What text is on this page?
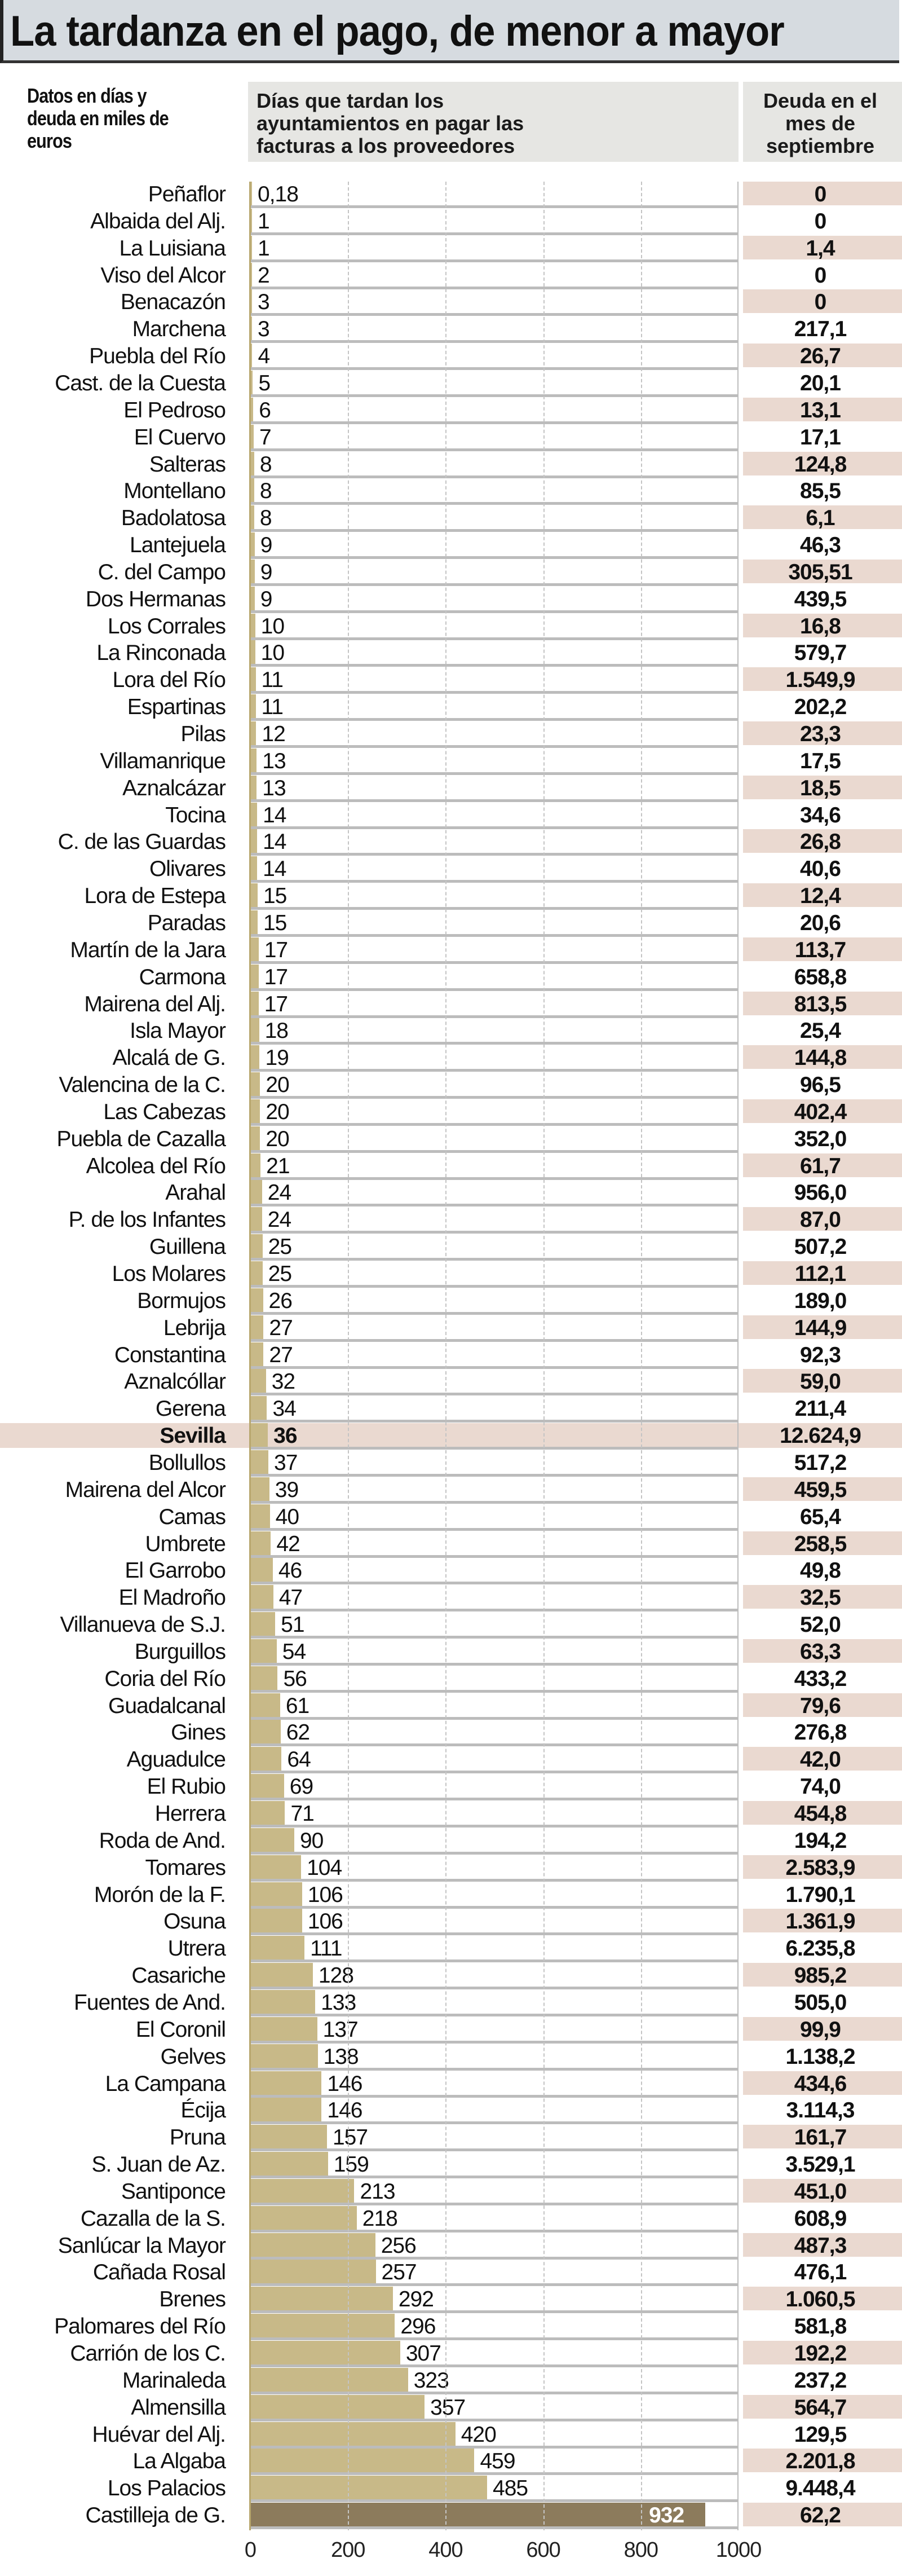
La tardanza en el pago, de menor a mayor
Datos en días y deuda en miles de euros
Días que tardan los ayuntamientos en pagar las facturas a los proveedores
Deuda en el mes de septiembre
Peñaflor 0,18	0
Albaida del Alj. 1	0
La Luisiana 1	1,4
Viso del Alcor 2	0
Benacazón 3	0
Marchena 3	217,1
Puebla del Río 4	26,7
Cast. de la Cuesta 5	20,1
El Pedroso 6	13,1
El Cuervo 7	17,1
Salteras 8	124,8
Montellano 8	85,5
Badolatosa 8	6,1
Lantejuela 9	46,3
C. del Campo 9	305,51
Dos Hermanas 9	439,5
Los Corrales 10	16,8
La Rinconada 10	579,7
Lora del Río 11	1.549,9
Espartinas 11	202,2
Pilas 12	23,3
Villamanrique 13	17,5
Aznalcázar 13	18,5
Tocina 14	34,6
C. de las Guardas 14	26,8
Olivares 14	40,6
Lora de Estepa 15	12,4
Paradas 15	20,6
Martín de la Jara 17	113,7
Carmona 17	658,8
Mairena del Alj. 17	813,5
Isla Mayor 18	25,4
Alcalá de G. 19	144,8
Valencina de la C. 20	96,5
Las Cabezas 20	402,4
Puebla de Cazalla 20	352,0
Alcolea del Río 21	61,7
Arahal 24	956,0
P. de los Infantes 24	87,0
Guillena 25	507,2
Los Molares 25	112,1
Bormujos 26	189,0
Lebrija 27	144,9
Constantina 27	92,3
Aznalcóllar 32	59,0
Gerena 34	211,4
Sevilla 36	12.624,9
Bollullos 37	517,2
Mairena del Alcor 39	459,5
Camas 40	65,4
Umbrete 42	258,5
El Garrobo 46	49,8
El Madroño 47	32,5
Villanueva de S.J.	51	52,0
Burguillos	54	63,3
Coria del Río	56	433,2
Guadalcanal	61	79,6
Gines	62	276,8
Aguadulce	64	42,0
El Rubio	69	74,0
Herrera	71	454,8
Roda de And.	90	194,2
Tomares	104	2.583,9
Morón de la F.	106	1.790,1
Osuna	106	1.361,9
Utrera	111	6.235,8
Casariche	128	985,2
Fuentes de And.	133	505,0
El Coronil	137	99,9
Gelves	138	1.138,2
La Campana	146	434,6
Écija	146	3.114,3
Pruna	157	161,7
S. Juan de Az.	159	3.529,1
Santiponce	213	451,0
Cazalla de la S.	218	608,9
Sanlúcar la Mayor	256	487,3
Cañada Rosal	257	476,1
Brenes	292	1.060,5
Palomares del Río	296	581,8
Carrión de los C.	307	192,2
Marinaleda	323	237,2
Almensilla	357	564,7
Huévar del Alj.	420	129,5
La Algaba	459	2.201,8
Los Palacios	485	9.448,4
Castilleja de G.	932	62,2
0	200	400	600	800	1000
